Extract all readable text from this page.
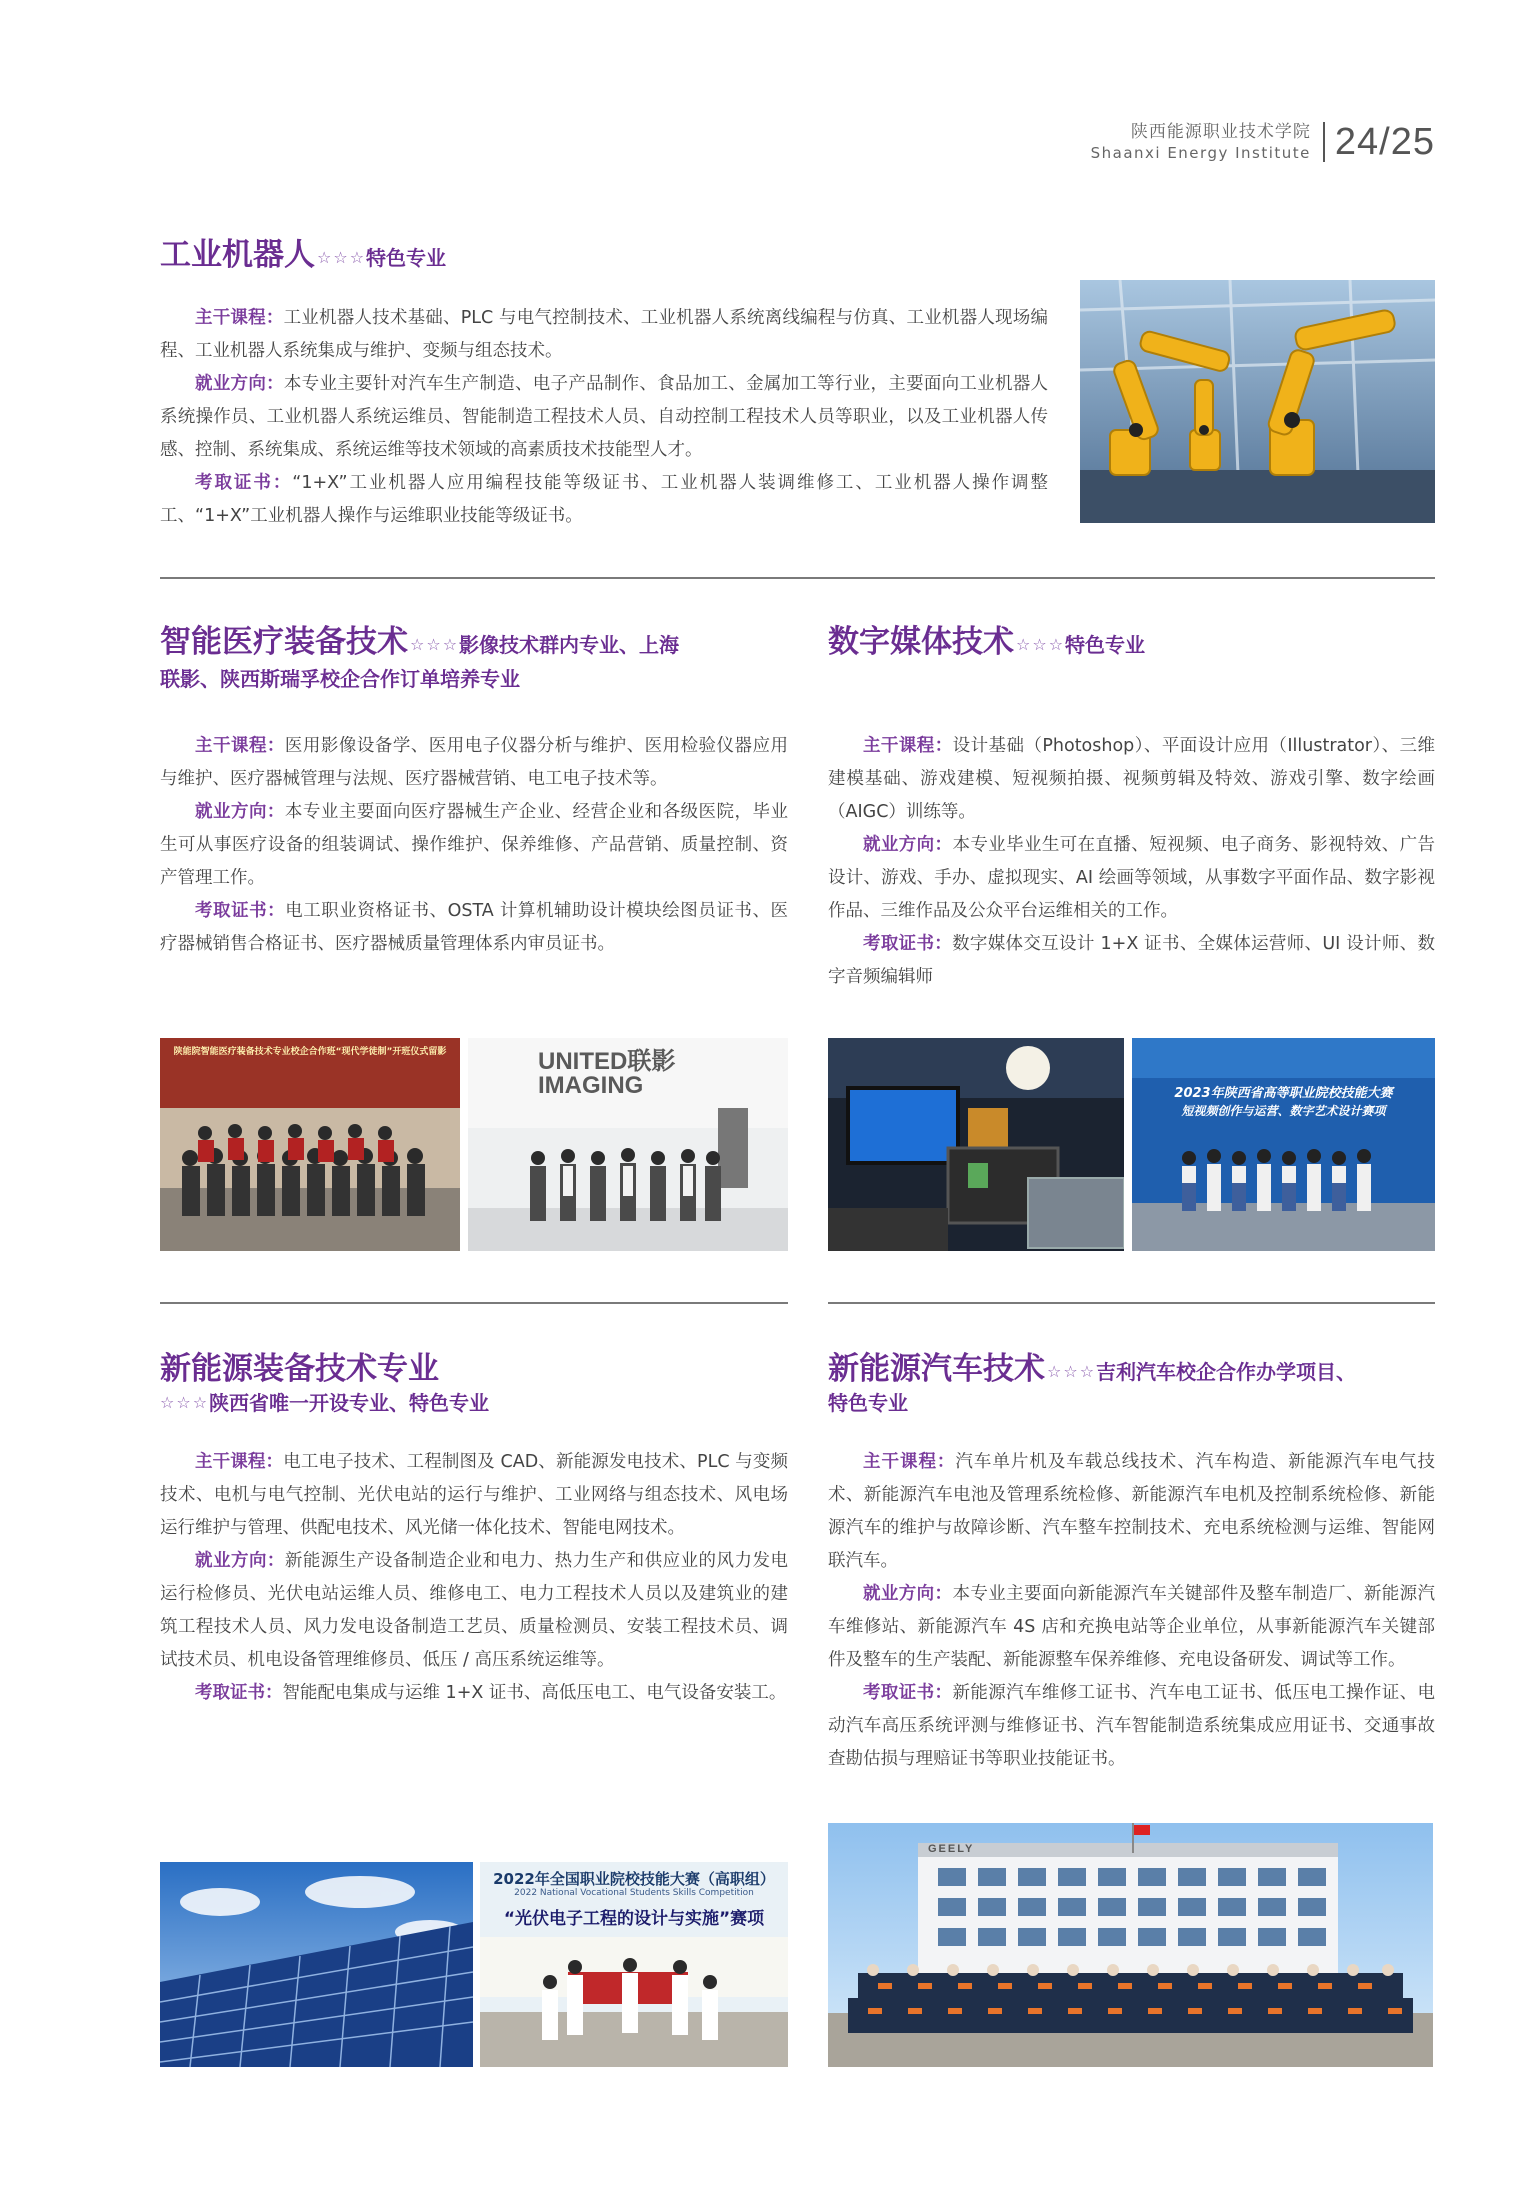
陕西能源职业技术学院
Shaanxi Energy Institute 24/25
工业机器人 ☆☆☆特色专业

主干课程：工业机器人技术基础、PLC 与电气控制技术、工业机器人系统离线编程与仿真、工业机器人现场编程、工业机器人系统集成与维护、变频与组态技术。

就业方向：本专业主要针对汽车生产制造、电子产品制作、食品加工、金属加工等行业，主要面向工业机器人系统操作员、工业机器人系统运维员、智能制造工程技术人员、自动控制工程技术人员等职业，以及工业机器人传感、控制、系统集成、系统运维等技术领域的高素质技术技能型人才。

考取证书：“1+X”工业机器人应用编程技能等级证书、工业机器人装调维修工、工业机器人操作调整工、“1+X”工业机器人操作与运维职业技能等级证书。

智能医疗装备技术 ☆☆☆影像技术群内专业、上海
联影、陕西斯瑞孚校企合作订单培养专业

主干课程：医用影像设备学、医用电子仪器分析与维护、医用检验仪器应用与维护、医疗器械管理与法规、医疗器械营销、电工电子技术等。

就业方向：本专业主要面向医疗器械生产企业、经营企业和各级医院，毕业生可从事医疗设备的组装调试、操作维护、保养维修、产品营销、质量控制、资产管理工作。

考取证书：电工职业资格证书、OSTA 计算机辅助设计模块绘图员证书、医疗器械销售合格证书、医疗器械质量管理体系内审员证书。

陕能院智能医疗装备技术专业校企合作班“现代学徒制”开班仪式留影	UNITED联影
IMAGING
数字媒体技术 ☆☆☆特色专业

主干课程：设计基础（Photoshop）、平面设计应用（Illustrator）、三维建模基础、游戏建模、短视频拍摄、视频剪辑及特效、游戏引擎、数字绘画（AIGC）训练等。

就业方向：本专业毕业生可在直播、短视频、电子商务、影视特效、广告设计、游戏、手办、虚拟现实、AI 绘画等领域，从事数字平面作品、数字影视作品、三维作品及公众平台运维相关的工作。

考取证书：数字媒体交互设计 1+X 证书、全媒体运营师、UI 设计师、数字音频编辑师

2023年陕西省高等职业院校技能大赛
短视频创作与运营、数字艺术设计赛项
新能源装备技术专业
☆☆☆陕西省唯一开设专业、特色专业

主干课程：电工电子技术、工程制图及 CAD、新能源发电技术、PLC 与变频技术、电机与电气控制、光伏电站的运行与维护、工业网络与组态技术、风电场运行维护与管理、供配电技术、风光储一体化技术、智能电网技术。

就业方向：新能源生产设备制造企业和电力、热力生产和供应业的风力发电运行检修员、光伏电站运维人员、维修电工、电力工程技术人员以及建筑业的建筑工程技术人员、风力发电设备制造工艺员、质量检测员、安装工程技术员、调试技术员、机电设备管理维修员、低压 / 高压系统运维等。

考取证书：智能配电集成与运维 1+X 证书、高低压电工、电气设备安装工。

2022年全国职业院校技能大赛（高职组）
2022 National Vocational Students Skills Competition
“光伏电子工程的设计与实施”赛项
新能源汽车技术 ☆☆☆吉利汽车校企合作办学项目、
特色专业

主干课程：汽车单片机及车载总线技术、汽车构造、新能源汽车电气技术、新能源汽车电池及管理系统检修、新能源汽车电机及控制系统检修、新能源汽车的维护与故障诊断、汽车整车控制技术、充电系统检测与运维、智能网联汽车。

就业方向：本专业主要面向新能源汽车关键部件及整车制造厂、新能源汽车维修站、新能源汽车 4S 店和充换电站等企业单位，从事新能源汽车关键部件及整车的生产装配、新能源整车保养维修、充电设备研发、调试等工作。

考取证书：新能源汽车维修工证书、汽车电工证书、低压电工操作证、电动汽车高压系统评测与维修证书、汽车智能制造系统集成应用证书、交通事故查勘估损与理赔证书等职业技能证书。

GEELY
